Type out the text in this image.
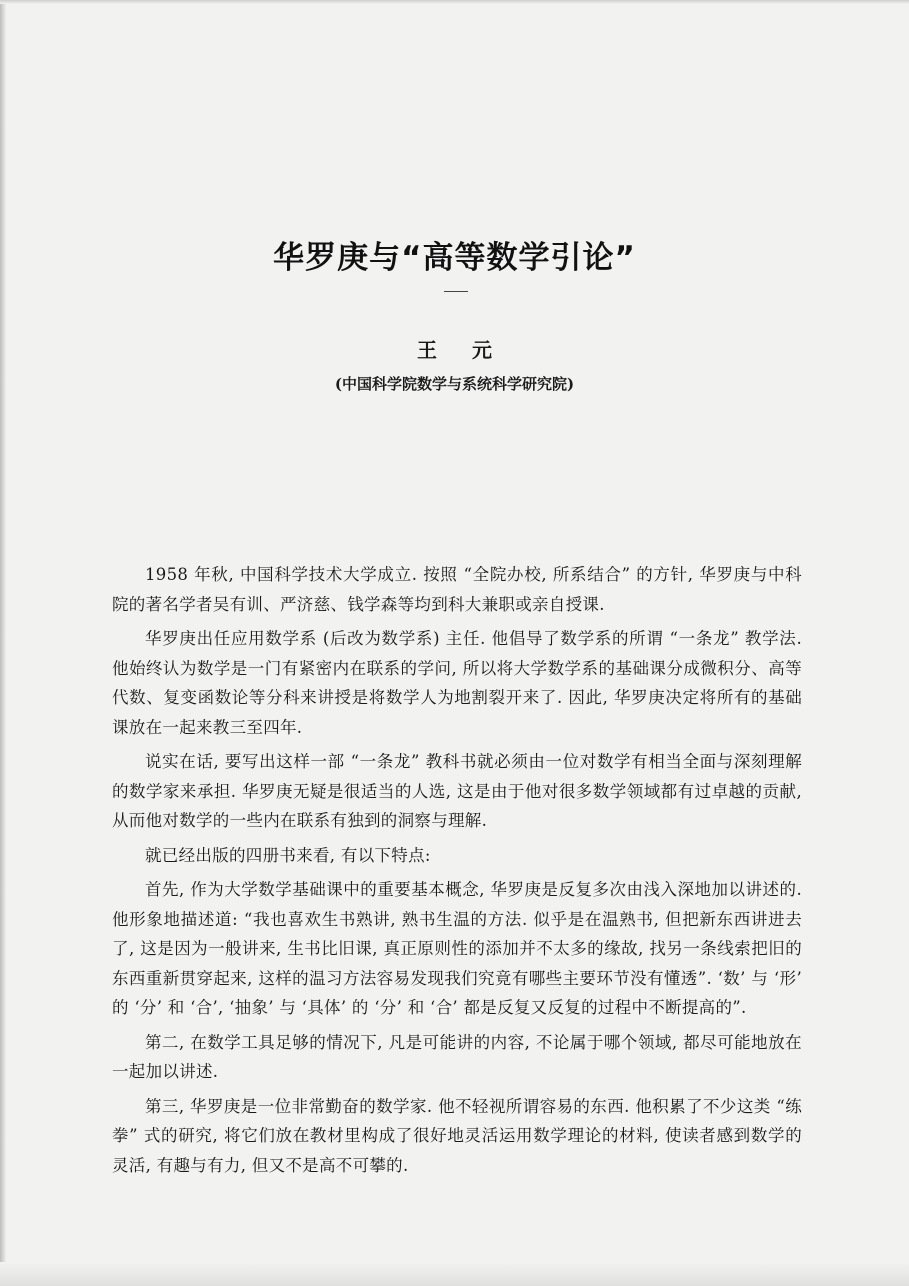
华罗庚与“高等数学引论”
王 元
(中国科学院数学与系统科学研究院)

1958 年秋, 中国科学技术大学成立. 按照 “全院办校, 所系结合” 的方针, 华罗庚与中科院的著名学者吴有训、严济慈、钱学森等均到科大兼职或亲自授课.

华罗庚出任应用数学系 (后改为数学系) 主任. 他倡导了数学系的所谓 “一条龙” 教学法. 他始终认为数学是一门有紧密内在联系的学问, 所以将大学数学系的基础课分成微积分、高等代数、复变函数论等分科来讲授是将数学人为地割裂开来了. 因此, 华罗庚决定将所有的基础课放在一起来教三至四年.

说实在话, 要写出这样一部 “一条龙” 教科书就必须由一位对数学有相当全面与深刻理解的数学家来承担. 华罗庚无疑是很适当的人选, 这是由于他对很多数学领域都有过卓越的贡献, 从而他对数学的一些内在联系有独到的洞察与理解.

就已经出版的四册书来看, 有以下特点:

首先, 作为大学数学基础课中的重要基本概念, 华罗庚是反复多次由浅入深地加以讲述的. 他形象地描述道: “我也喜欢生书熟讲, 熟书生温的方法. 似乎是在温熟书, 但把新东西讲进去了, 这是因为一般讲来, 生书比旧课, 真正原则性的添加并不太多的缘故, 找另一条线索把旧的东西重新贯穿起来, 这样的温习方法容易发现我们究竟有哪些主要环节没有懂透”. ‘数’ 与 ‘形’ 的 ‘分’ 和 ‘合’, ‘抽象’ 与 ‘具体’ 的 ‘分’ 和 ‘合’ 都是反复又反复的过程中不断提高的”.

第二, 在数学工具足够的情况下, 凡是可能讲的内容, 不论属于哪个领域, 都尽可能地放在一起加以讲述.

第三, 华罗庚是一位非常勤奋的数学家. 他不轻视所谓容易的东西. 他积累了不少这类 “练拳” 式的研究, 将它们放在教材里构成了很好地灵活运用数学理论的材料, 使读者感到数学的灵活, 有趣与有力, 但又不是高不可攀的.
